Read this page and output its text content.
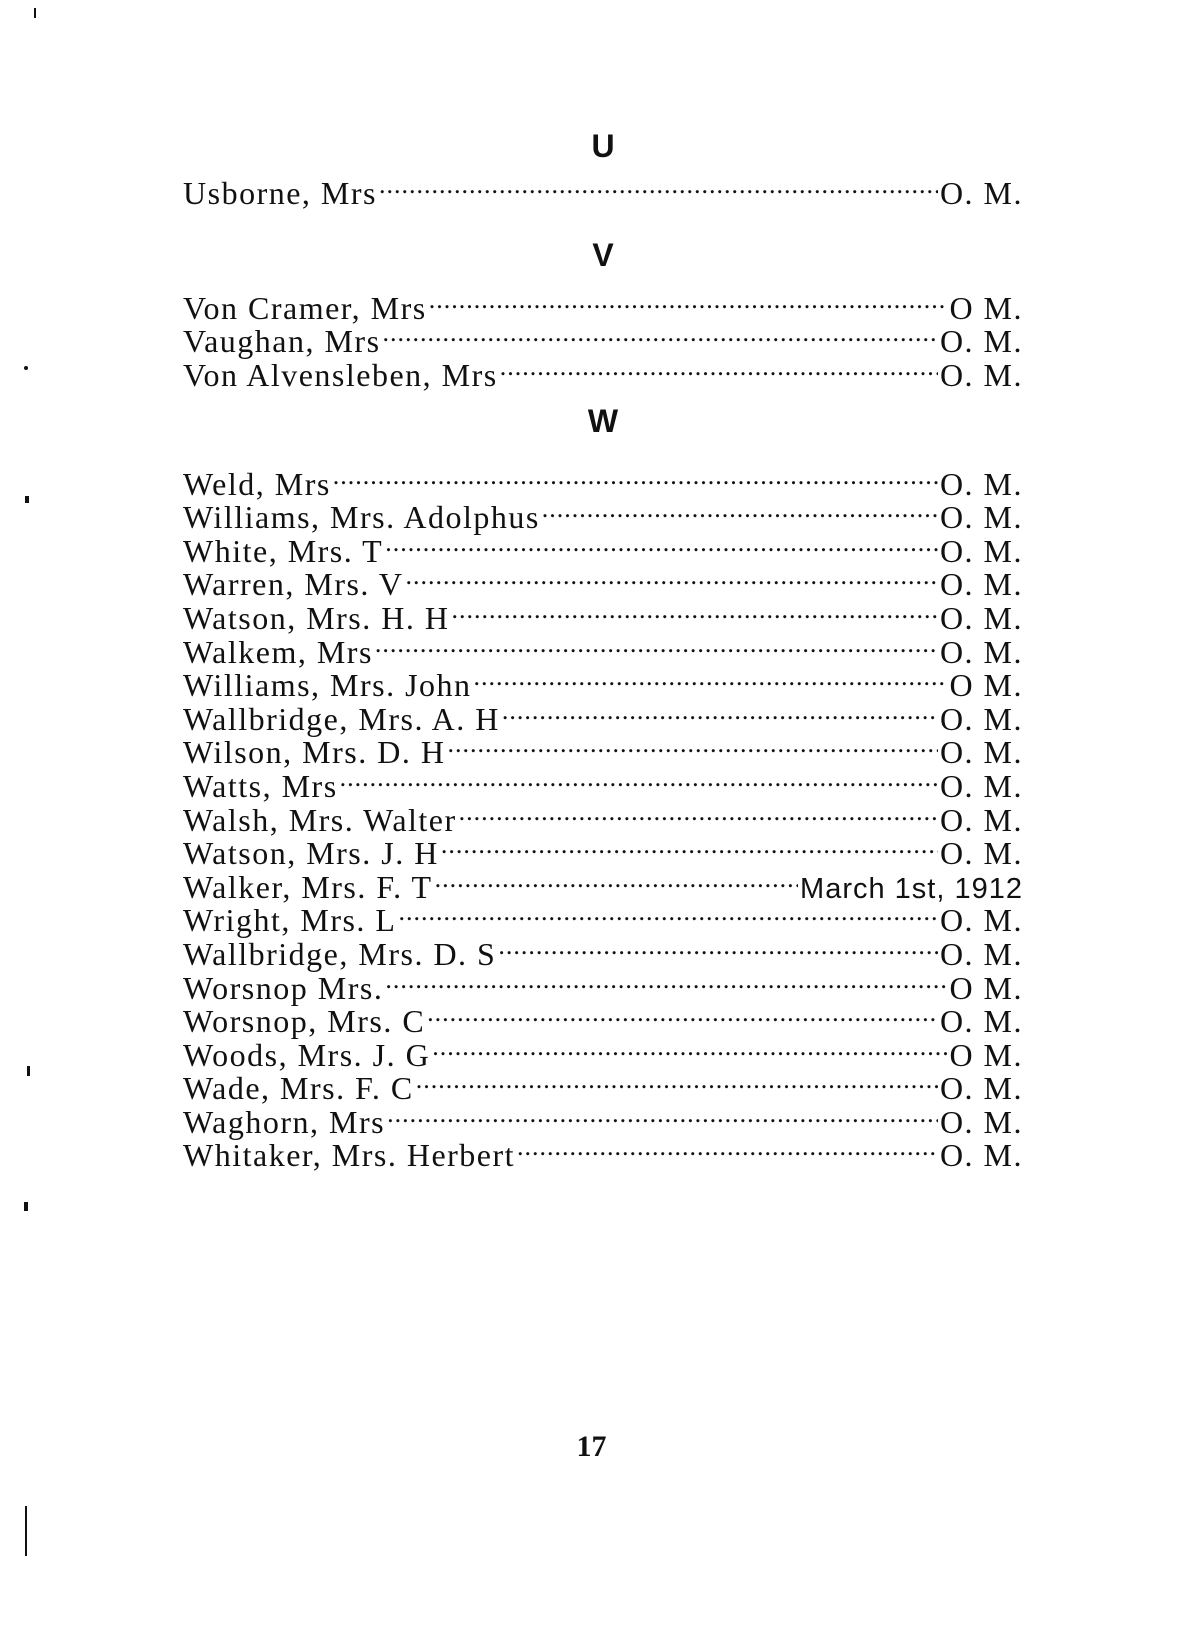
U
Usborne, Mrs .....	O. M.
V
Von Cramer, Mrs .....	O M.
Vaughan, Mrs .....	O. M.
Von Alvensleben, Mrs .....	O. M.
W
Weld, Mrs .....	O. M.
Williams, Mrs. Adolphus .....	O. M.
White, Mrs. T .....	O. M.
Warren, Mrs. V .....	O. M.
Watson, Mrs. H. H .....	O. M.
Walkem, Mrs .....	O. M.
Williams, Mrs. John .....	O M.
Wallbridge, Mrs. A. H .....	O. M.
Wilson, Mrs. D. H .....	O. M.
Watts, Mrs .....	O. M.
Walsh, Mrs. Walter .....	O. M.
Watson, Mrs. J. H .....	O. M.
Walker, Mrs. F. T .....	March 1st, 1912
Wright, Mrs. L .....	O. M.
Wallbridge, Mrs. D. S .....	O. M.
Worsnop Mrs. .....	O M.
Worsnop, Mrs. C .....	O. M.
Woods, Mrs. J. G .....	O M.
Wade, Mrs. F. C .....	O. M.
Waghorn, Mrs .....	O. M.
Whitaker, Mrs. Herbert .....	O. M.
17
